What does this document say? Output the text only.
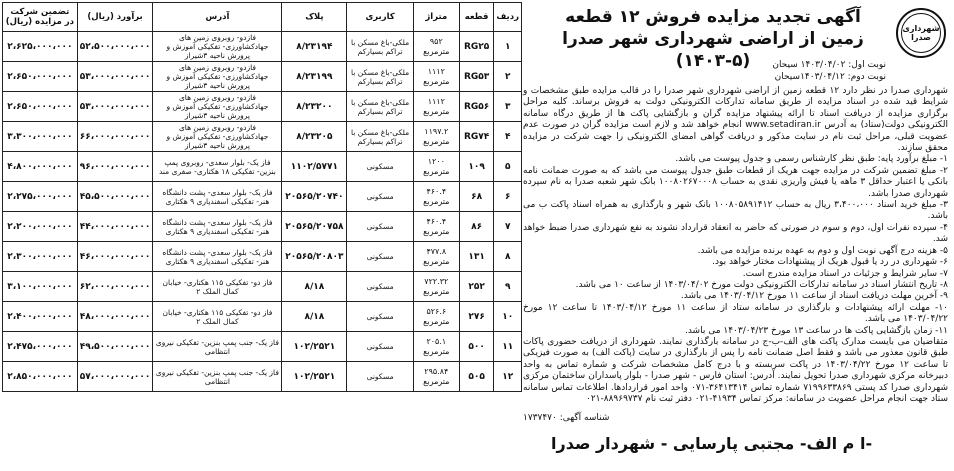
شهرداری صدرا
آگهی تجدید مزایده فروش ۱۲ قطعه زمین از اراضی شهرداری شهر صدرا (۵-۱۴۰۳)	نوبت اول: ۱۴۰۳/۰۴/۰۲ سیحان
نوبت دوم: ۱۴۰۳/۰۴/۱۲سیحان

شهرداری صدرا در نظر دارد ۱۲ قطعه زمین از اراضی شهرداری شهر صدرا را در قالب مزایده طبق مشخصات و شرایط قید شده در اسناد مزایده از طریق سامانه تدارکات الکترونیکی دولت به فروش برساند. کلیه مراحل برگزاری مزایده از دریافت اسناد تا ارائه پیشنهاد مزایده گران و بازگشایی پاکت ها از طریق درگاه سامانه الکترونیکی دولت(ستاد) به آدرس www.setadiran.ir انجام خواهد شد و لازم است مزایده گران در صورت عدم عضویت قبلی، مراحل ثبت نام در سایت مذکور و دریافت گواهی امضای الکترونیکی را جهت شرکت در مزایده محقق سازند.

۱- مبلغ برآورد پایه: طبق نظر کارشناس رسمی و جدول پیوست می باشد.

۲- مبلغ تضمین شرکت در مزایده جهت هریک از قطعات طبق جدول پیوست می باشد که به صورت ضمانت نامه بانکی یا اعتبار حداقل ۳ ماهه یا فیش واریزی نقدی به حساب ۱۰۰۸۰۲۶۷۰۰۰۸ بانک شهر شعبه صدرا به نام سپرده شهرداری صدرا باشد.

۳- مبلغ خرید اسناد ۳،۴۰۰،۰۰۰ ریال به حساب ۱۰۰۸۰۵۸۹۱۴۱۲ بانک شهر و بارگذاری به همراه اسناد پاکت ب می باشد.

۴- سپرده نفرات اول، دوم و سوم در صورتی که حاضر به انعقاد قرارداد نشوند به نفع شهرداری صدرا ضبط خواهد شد.

۵- هزینه درج آگهی نوبت اول و دوم به عهده برنده مزایده می باشد.

۶- شهرداری در رد یا قبول هریک از پیشنهادات مختار خواهد بود.

۷- سایر شرایط و جزئیات در اسناد مزایده مندرج است.

۸- تاریخ انتشار اسناد در سامانه تدارکات الکترونیکی دولت مورخ ۱۴۰۳/۰۴/۰۲ از ساعت ۱۰ می باشد.

۹- آخرین مهلت دریافت اسناد از ساعت ۱۱ مورخ ۱۴۰۳/۰۴/۱۲ می باشد.

۱۰- مهلت ارائه پیشنهادات و بارگذاری در سامانه ستاد از ساعت ۱۱ مورخ ۱۴۰۳/۰۴/۱۲ تا ساعت ۱۲ مورخ ۱۴۰۳/۰۴/۲۲ می باشد.

۱۱- زمان بازگشایی پاکت ها در ساعت ۱۳ مورخ ۱۴۰۳/۰۴/۲۳ می باشد.

متقاضیان می بایست مدارک پاکت های الف-ب-ج در سامانه بارگذاری نمایند. شهرداری از دریافت حضوری پاکات طبق قانون معذور می باشد و فقط اصل ضمانت نامه را پس از بارگذاری در سایت (پاکت الف) به صورت فیزیکی تا ساعت ۱۲ مورخ ۱۴۰۳/۰۴/۲۲ در پاکت سربسته و با درج کامل مشخصات شرکت و شماره تماس به واحد دبیرخانه مرکزی شهرداری صدرا تحویل نمایند. آدرس: استان فارس - شهر صدرا - بلوار پاسداران ساختمان مرکزی شهرداری صدرا کد پستی ۷۱۹۹۶۳۳۸۶۹ شماره تماس ۳۶۴۱۳۴۱۴-۰۷۱ واحد امور قراردادها. اطلاعات تماس سامانه ستاد جهت انجام مراحل عضویت در سامانه: مرکز تماس ۴۱۹۳۴-۰۲۱ دفتر ثبت نام ۸۸۹۶۹۷۳۷-۰۲۱

شناسه آگهی: ۱۷۳۷۴۷۰
-ا م الف- مجتبی پارسایی - شهردار صدرا
ردیف	قطعه	متراژ	کاربری	پلاک	آدرس	برآورد (ریال)	تضمین شرکت در مزایده (ریال)
۱	RG۲۵	۹۵۲ مترمربع	ملکی-باغ مسکن با تراکم بسیارکم	۸/۲۳۱۹۴	فازدو- روبروی زمین های جهادکشاورزی- تفکیکی آموزش و پرورش ناحیه ۳شیراز	۵۲،۵۰۰،۰۰۰،۰۰۰	۲،۶۲۵،۰۰۰،۰۰۰
۲	RG۵۳	۱۱۱۲ مترمربع	ملکی-باغ مسکن با تراکم بسیارکم	۸/۲۳۱۹۹	فازدو- روبروی زمین های جهادکشاورزی- تفکیکی آموزش و پرورش ناحیه ۳شیراز	۵۳،۰۰۰،۰۰۰،۰۰۰	۲،۶۵۰،۰۰۰،۰۰۰
۳	RG۵۶	۱۱۱۲ مترمربع	ملکی-باغ مسکن با تراکم بسیارکم	۸/۲۳۲۰۰	فازدو- روبروی زمین های جهادکشاورزی- تفکیکی آموزش و پرورش ناحیه ۳شیراز	۵۳،۰۰۰،۰۰۰،۰۰۰	۲،۶۵۰،۰۰۰،۰۰۰
۴	RG۷۴	۱۱۹۷.۲ مترمربع	ملکی-باغ مسکن با تراکم بسیارکم	۸/۲۳۲۰۵	فازدو- روبروی زمین های جهادکشاورزی- تفکیکی آموزش و پرورش ناحیه ۳شیراز	۶۶،۰۰۰،۰۰۰،۰۰۰	۳،۳۰۰،۰۰۰،۰۰۰
۵	۱۰۹	۱۲۰۰ مترمربع	مسکونی	۱۱۰۲/۵۷۷۱	فاز یک- بلوار سعدی- روبروی پمپ بنزین- تفکیکی ۱۸ هکتاری- صفری مند	۹۶،۰۰۰،۰۰۰،۰۰۰	۴،۸۰۰،۰۰۰،۰۰۰
۶	۶۸	۴۶۰.۴ مترمربع	مسکونی	۲۰۵۶۵/۲۰۷۴۰	فاز یک- بلوار سعدی- پشت دانشگاه هنر- تفکیکی اسفندیاری ۹ هکتاری	۴۵،۵۰۰،۰۰۰،۰۰۰	۲،۲۷۵،۰۰۰،۰۰۰
۷	۸۶	۴۶۰.۴ مترمربع	مسکونی	۲۰۵۶۵/۲۰۷۵۸	فاز یک- بلوار سعدی- پشت دانشگاه هنر- تفکیکی اسفندیاری ۹ هکتاری	۴۴،۰۰۰،۰۰۰،۰۰۰	۲،۲۰۰،۰۰۰،۰۰۰
۸	۱۳۱	۴۷۷.۸ مترمربع	مسکونی	۲۰۵۶۵/۲۰۸۰۳	فاز یک- بلوار سعدی- پشت دانشگاه هنر- تفکیکی اسفندیاری ۹ هکتاری	۴۶،۰۰۰،۰۰۰،۰۰۰	۲،۳۰۰،۰۰۰،۰۰۰
۹	۲۵۲	۷۲۲.۳۲ مترمربع	مسکونی	۸/۱۸	فاز دو- تفکیکی ۱۱۵ هکتاری- خیابان کمال الملک ۲	۶۲،۰۰۰،۰۰۰،۰۰۰	۳،۱۰۰،۰۰۰،۰۰۰
۱۰	۲۷۶	۵۲۶.۶ مترمربع	مسکونی	۸/۱۸	فاز دو- تفکیکی ۱۱۵ هکتاری- خیابان کمال الملک ۲	۴۸،۰۰۰،۰۰۰،۰۰۰	۲،۴۰۰،۰۰۰،۰۰۰
۱۱	۵۰۰	۲۰۵.۱ مترمربع	مسکونی	۱۰۲/۲۵۲۱	فاز یک- جنب پمپ بنزین- تفکیکی نیروی انتظامی	۴۹،۵۰۰،۰۰۰،۰۰۰	۲،۴۷۵،۰۰۰،۰۰۰
۱۲	۵۰۵	۲۹۵.۸۴ مترمربع	مسکونی	۱۰۲/۲۵۲۱	فاز یک- جنب پمپ بنزین- تفکیکی نیروی انتظامی	۵۷،۰۰۰،۰۰۰،۰۰۰	۲،۸۵۰،۰۰۰،۰۰۰
